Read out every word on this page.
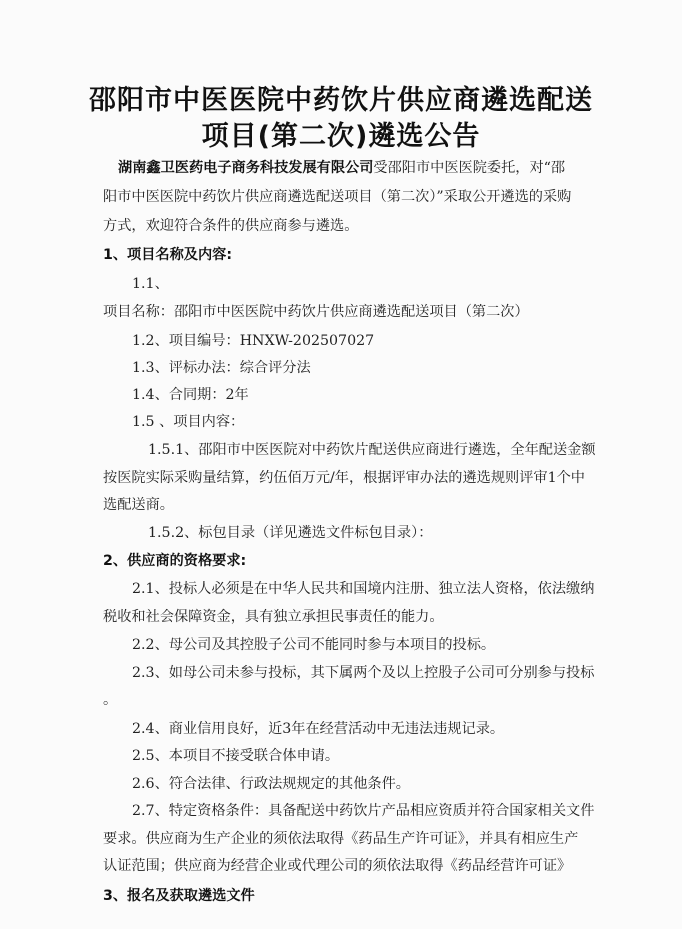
邵阳市中医医院中药饮片供应商遴选配送
项目(第二次)遴选公告
湖南鑫卫医药电子商务科技发展有限公司受邵阳市中医医院委托，对“邵
阳市中医医院中药饮片供应商遴选配送项目（第二次）”采取公开遴选的采购
方式，欢迎符合条件的供应商参与遴选。
1、项目名称及内容:
1.1、
项目名称：邵阳市中医医院中药饮片供应商遴选配送项目（第二次）
1.2、项目编号：HNXW-202507027
1.3、评标办法：综合评分法
1.4、合同期：2年
1.5 、项目内容：
1.5.1、邵阳市中医医院对中药饮片配送供应商进行遴选，全年配送金额
按医院实际采购量结算，约伍佰万元/年，根据评审办法的遴选规则评审1个中
选配送商。
1.5.2、标包目录（详见遴选文件标包目录）：
2、供应商的资格要求:
2.1、投标人必须是在中华人民共和国境内注册、独立法人资格，依法缴纳
税收和社会保障资金，具有独立承担民事责任的能力。
2.2、母公司及其控股子公司不能同时参与本项目的投标。
2.3、如母公司未参与投标，其下属两个及以上控股子公司可分别参与投标
。
2.4、商业信用良好，近3年在经营活动中无违法违规记录。
2.5、本项目不接受联合体申请。
2.6、符合法律、行政法规规定的其他条件。
2.7、特定资格条件：具备配送中药饮片产品相应资质并符合国家相关文件
要求。供应商为生产企业的须依法取得《药品生产许可证》，并具有相应生产
认证范围；供应商为经营企业或代理公司的须依法取得《药品经营许可证》
3、报名及获取遴选文件
